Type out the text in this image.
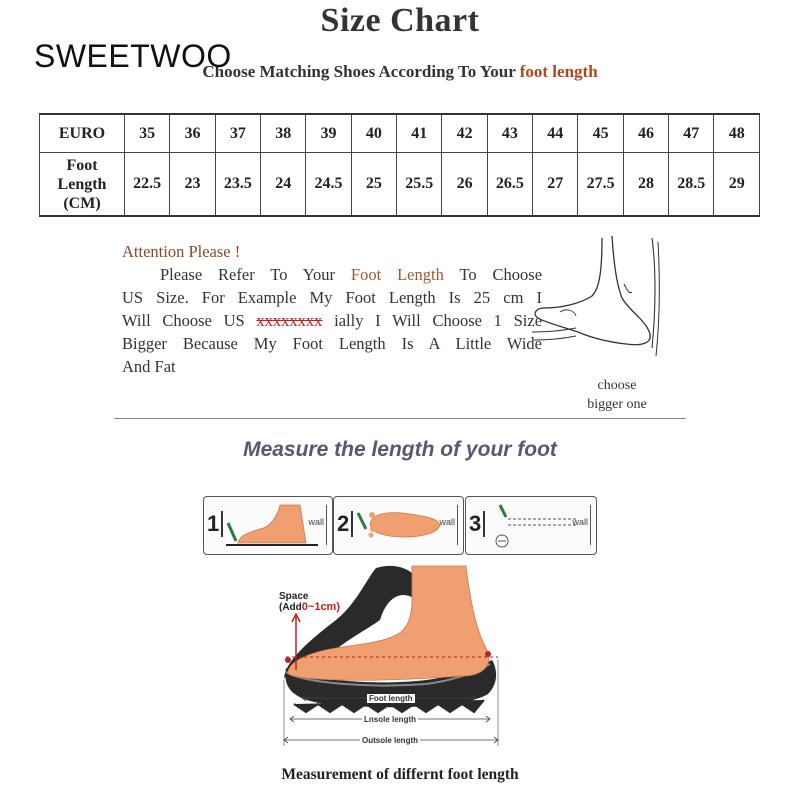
Size Chart
SWEETWOO
Choose Matching Shoes According To Your foot length
EURO	35	36	37	38	39	40	41	42	43	44	45	46	47	48
Foot
Length
(CM)	22.5	23	23.5	24	24.5	25	25.5	26	26.5	27	27.5	28	28.5	29

Attention Please !

Please Refer To Your Foot Length To Choose

US Size. For Example My Foot Length Is 25 cm I

Will Choose US xxxxxxxx ially I Will Choose 1 Size

Bigger Because My Foot Length Is A Little Wide

And Fat

choose
bigger one
Measure the length of your foot
1	wall 2	wall 3	wall
Space
(Add0~1cm)
Foot length
Lnsole length
Outsole length
Measurement of differnt foot length
